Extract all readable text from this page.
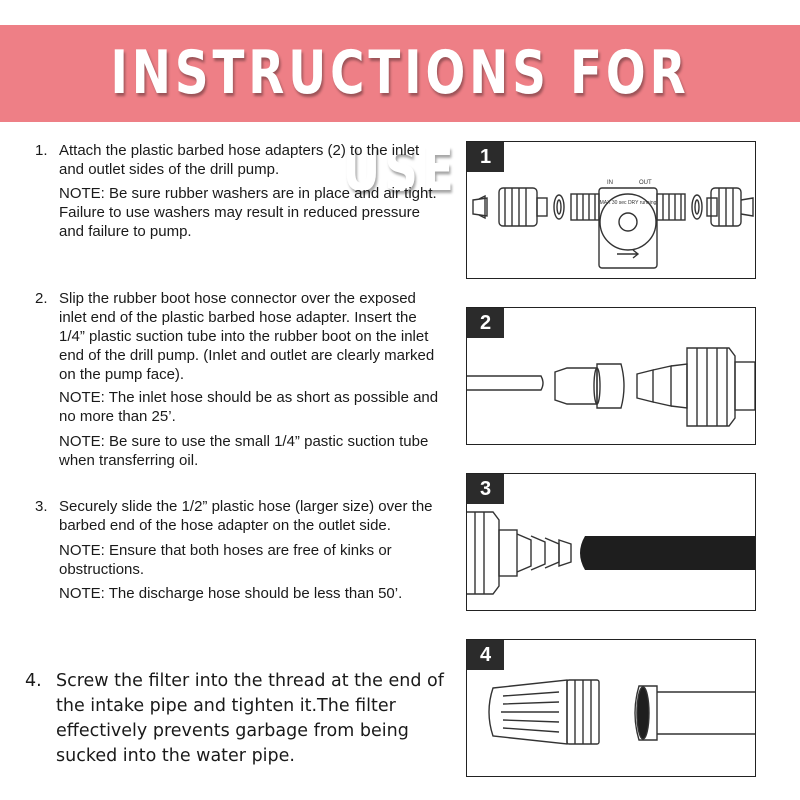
INSTRUCTIONS FOR USE
1. Attach the plastic barbed hose adapters (2) to the inlet and outlet sides of the drill pump.
NOTE: Be sure rubber washers are in place and air tight. Failure to use washers may result in reduced pressure and failure to pump.
2. Slip the rubber boot hose connector over the exposed inlet end of the plastic barbed hose adapter. Insert the 1/4” plastic suction tube into the rubber boot on the inlet end of the drill pump. (Inlet and outlet are clearly marked on the pump face).
NOTE: The inlet hose should be as short as possible and no more than 25’.
NOTE: Be sure to use the small 1/4” pastic suction tube when transferring oil.
3. Securely slide the 1/2” plastic hose (larger size) over the barbed end of the hose adapter on the outlet side.
NOTE: Ensure that both hoses are free of kinks or obstructions.
NOTE: The discharge hose should be less than 50’.
4. Screw the filter into the thread at the end of the intake pipe and tighten it.The filter effectively prevents garbage from being sucked into the water pipe.
1
IN	OUT
MAX 30 sec DRY running
2
3
4
